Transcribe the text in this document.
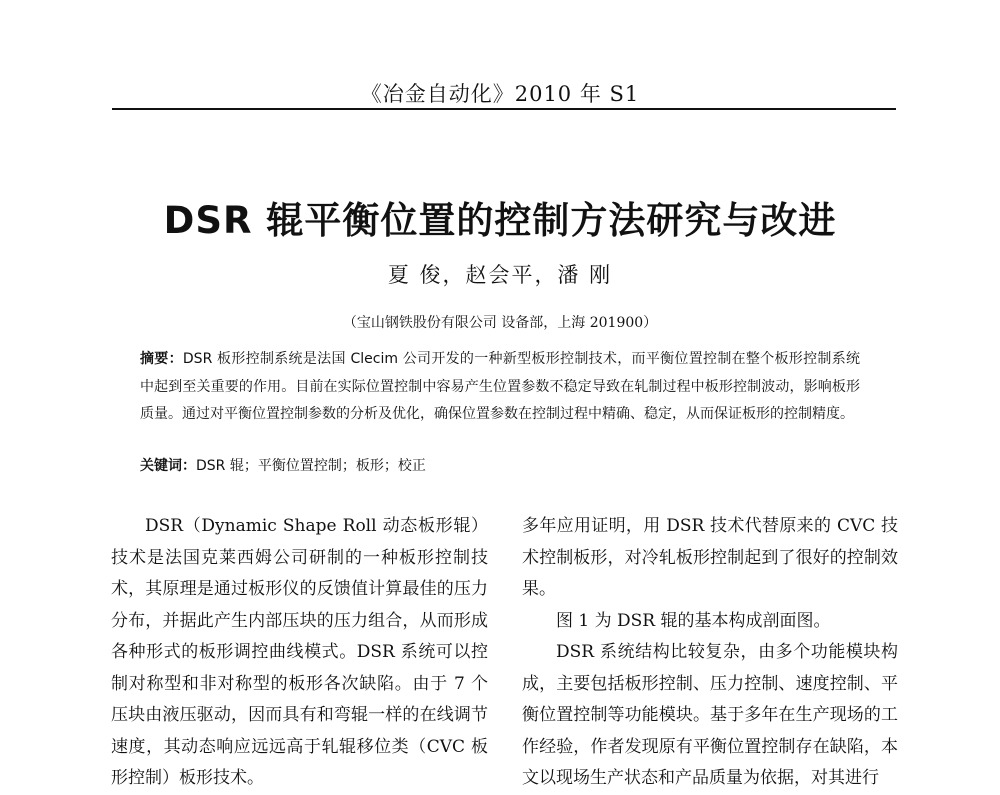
《冶金自动化》2010 年 S1
DSR 辊平衡位置的控制方法研究与改进
夏 俊，赵会平，潘 刚
（宝山钢铁股份有限公司 设备部，上海 201900）

摘要：DSR 板形控制系统是法国 Clecim 公司开发的一种新型板形控制技术，而平衡位置控制在整个板形控制系统中起到至关重要的作用。目前在实际位置控制中容易产生位置参数不稳定导致在轧制过程中板形控制波动，影响板形质量。通过对平衡位置控制参数的分析及优化，确保位置参数在控制过程中精确、稳定，从而保证板形的控制精度。

关键词：DSR 辊；平衡位置控制；板形；校正

DSR（Dynamic Shape Roll 动态板形辊）技术是法国克莱西姆公司研制的一种板形控制技术，其原理是通过板形仪的反馈值计算最佳的压力分布，并据此产生内部压块的压力组合，从而形成各种形式的板形调控曲线模式。DSR 系统可以控制对称型和非对称型的板形各次缺陷。由于 7 个压块由液压驱动，因而具有和弯辊一样的在线调节速度，其动态响应远远高于轧辊移位类（CVC 板形控制）板形技术。

多年应用证明，用 DSR 技术代替原来的 CVC 技术控制板形，对冷轧板形控制起到了很好的控制效果。

图 1 为 DSR 辊的基本构成剖面图。

DSR 系统结构比较复杂，由多个功能模块构成，主要包括板形控制、压力控制、速度控制、平衡位置控制等功能模块。基于多年在生产现场的工作经验，作者发现原有平衡位置控制存在缺陷，本文以现场生产状态和产品质量为依据，对其进行
